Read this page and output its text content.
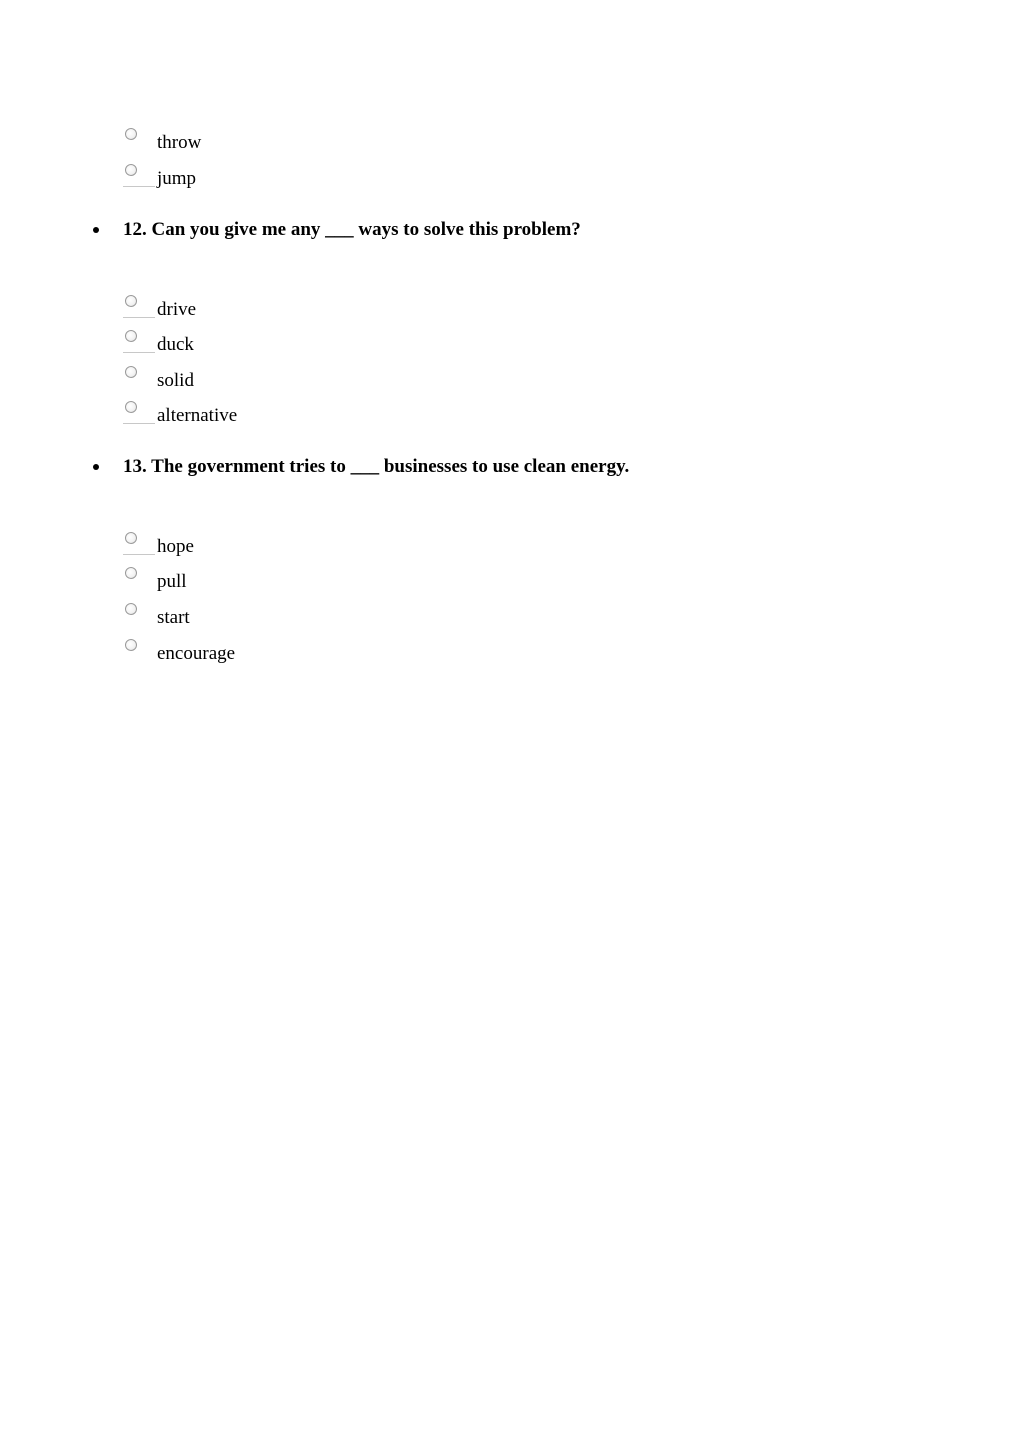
throw
jump
12. Can you give me any ___ ways to solve this problem?
drive
duck
solid
alternative
13. The government tries to ___ businesses to use clean energy.
hope
pull
start
encourage
